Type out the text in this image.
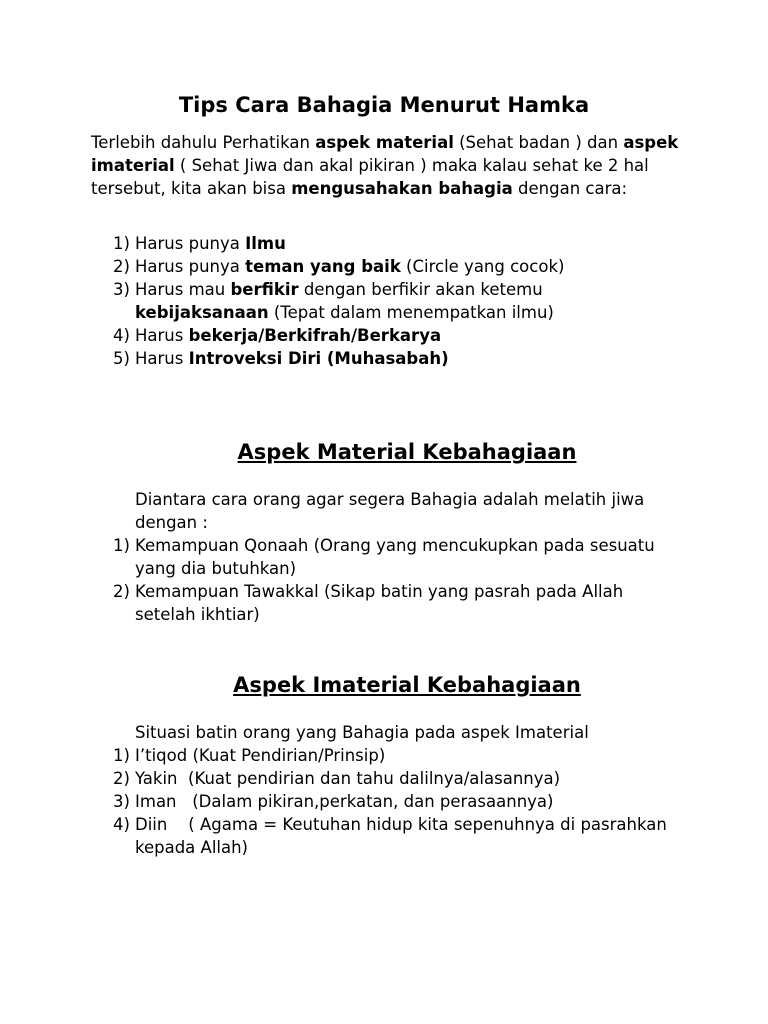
Tips Cara Bahagia Menurut Hamka

Terlebih dahulu Perhatikan aspek material (Sehat badan ) dan aspek imaterial ( Sehat Jiwa dan akal pikiran ) maka kalau sehat ke 2 hal tersebut, kita akan bisa mengusahakan bahagia dengan cara:

1) Harus punya Ilmu
2) Harus punya teman yang baik (Circle yang cocok)
3) Harus mau berfikir dengan berfikir akan ketemu kebijaksanaan (Tepat dalam menempatkan ilmu)
4) Harus bekerja/Berkifrah/Berkarya
5) Harus Introveksi Diri (Muhasabah)
Aspek Material Kebahagiaan

Diantara cara orang agar segera Bahagia adalah melatih jiwa dengan :

1) Kemampuan Qonaah (Orang yang mencukupkan pada sesuatu yang dia butuhkan)
2) Kemampuan Tawakkal (Sikap batin yang pasrah pada Allah setelah ikhtiar)
Aspek Imaterial Kebahagiaan

Situasi batin orang yang Bahagia pada aspek Imaterial

1) I’tiqod (Kuat Pendirian/Prinsip)
2) Yakin  (Kuat pendirian dan tahu dalilnya/alasannya)
3) Iman   (Dalam pikiran,perkatan, dan perasaannya)
4) Diin    ( Agama = Keutuhan hidup kita sepenuhnya di pasrahkan kepada Allah)
